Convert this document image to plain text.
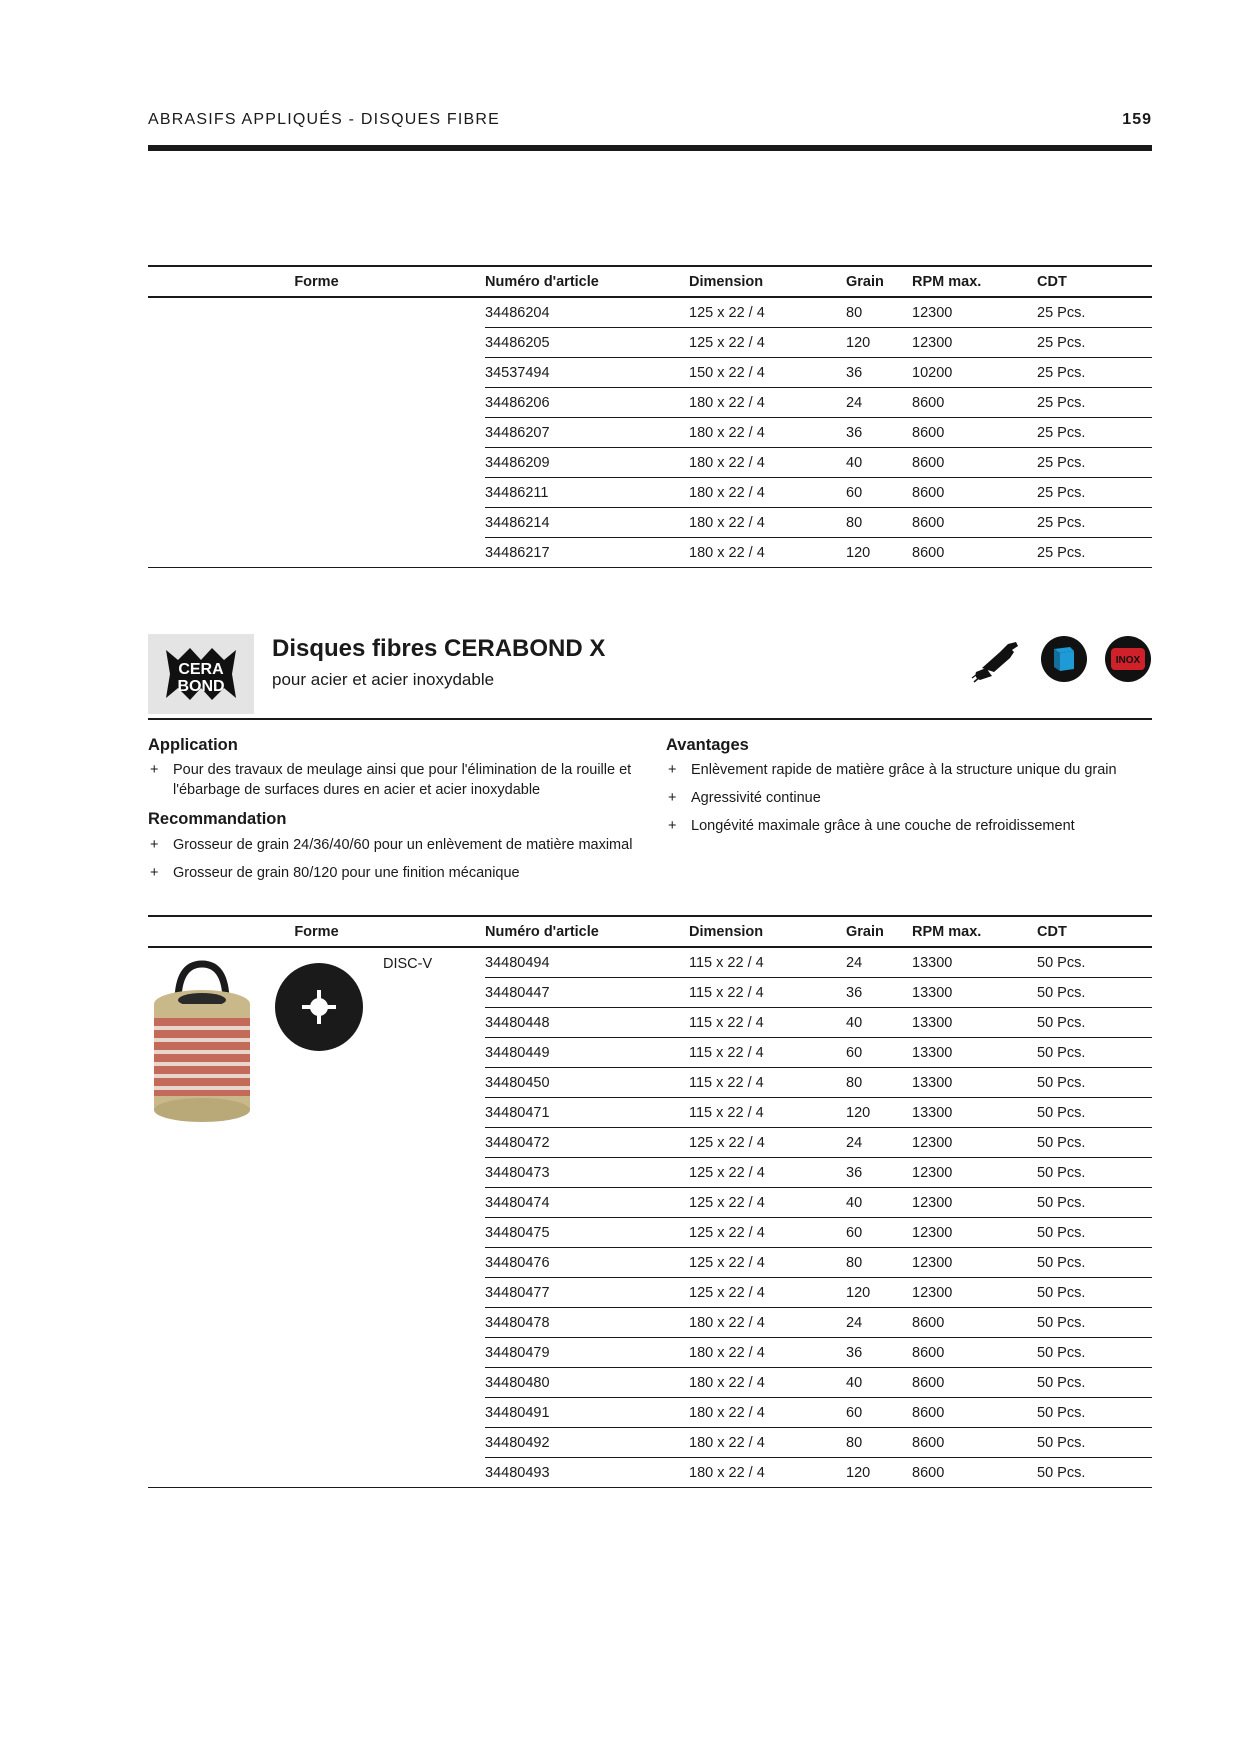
ABRASIFS APPLIQUÉS - DISQUES FIBRE	159
Forme	Numéro d'article	Dimension	Grain	RPM max.	CDT
	34486204	125 x 22 / 4	80	12300	25 Pcs.
	34486205	125 x 22 / 4	120	12300	25 Pcs.
	34537494	150 x 22 / 4	36	10200	25 Pcs.
	34486206	180 x 22 / 4	24	8600	25 Pcs.
	34486207	180 x 22 / 4	36	8600	25 Pcs.
	34486209	180 x 22 / 4	40	8600	25 Pcs.
	34486211	180 x 22 / 4	60	8600	25 Pcs.
	34486214	180 x 22 / 4	80	8600	25 Pcs.
	34486217	180 x 22 / 4	120	8600	25 Pcs.
CERA
BOND
Disques fibres CERABOND X
pour acier et acier inoxydable
INOX
Application
+ Pour des travaux de meulage ainsi que pour l'élimination de la rouille et l'ébarbage de surfaces dures en acier et acier inoxydable
Recommandation
+ Grosseur de grain 24/36/40/60 pour un enlèvement de matière maximal
+ Grosseur de grain 80/120 pour une finition mécanique
Avantages
+ Enlèvement rapide de matière grâce à la structure unique du grain
+ Agressivité continue
+ Longévité maximale grâce à une couche de refroidissement
Forme	Numéro d'article	Dimension	Grain	RPM max.	CDT

DISC-V	34480494	115 x 22 / 4	24	13300	50 Pcs.
	34480447	115 x 22 / 4	36	13300	50 Pcs.
	34480448	115 x 22 / 4	40	13300	50 Pcs.
	34480449	115 x 22 / 4	60	13300	50 Pcs.
	34480450	115 x 22 / 4	80	13300	50 Pcs.
	34480471	115 x 22 / 4	120	13300	50 Pcs.
	34480472	125 x 22 / 4	24	12300	50 Pcs.
	34480473	125 x 22 / 4	36	12300	50 Pcs.
	34480474	125 x 22 / 4	40	12300	50 Pcs.
	34480475	125 x 22 / 4	60	12300	50 Pcs.
	34480476	125 x 22 / 4	80	12300	50 Pcs.
	34480477	125 x 22 / 4	120	12300	50 Pcs.
	34480478	180 x 22 / 4	24	8600	50 Pcs.
	34480479	180 x 22 / 4	36	8600	50 Pcs.
	34480480	180 x 22 / 4	40	8600	50 Pcs.
	34480491	180 x 22 / 4	60	8600	50 Pcs.
	34480492	180 x 22 / 4	80	8600	50 Pcs.
	34480493	180 x 22 / 4	120	8600	50 Pcs.
